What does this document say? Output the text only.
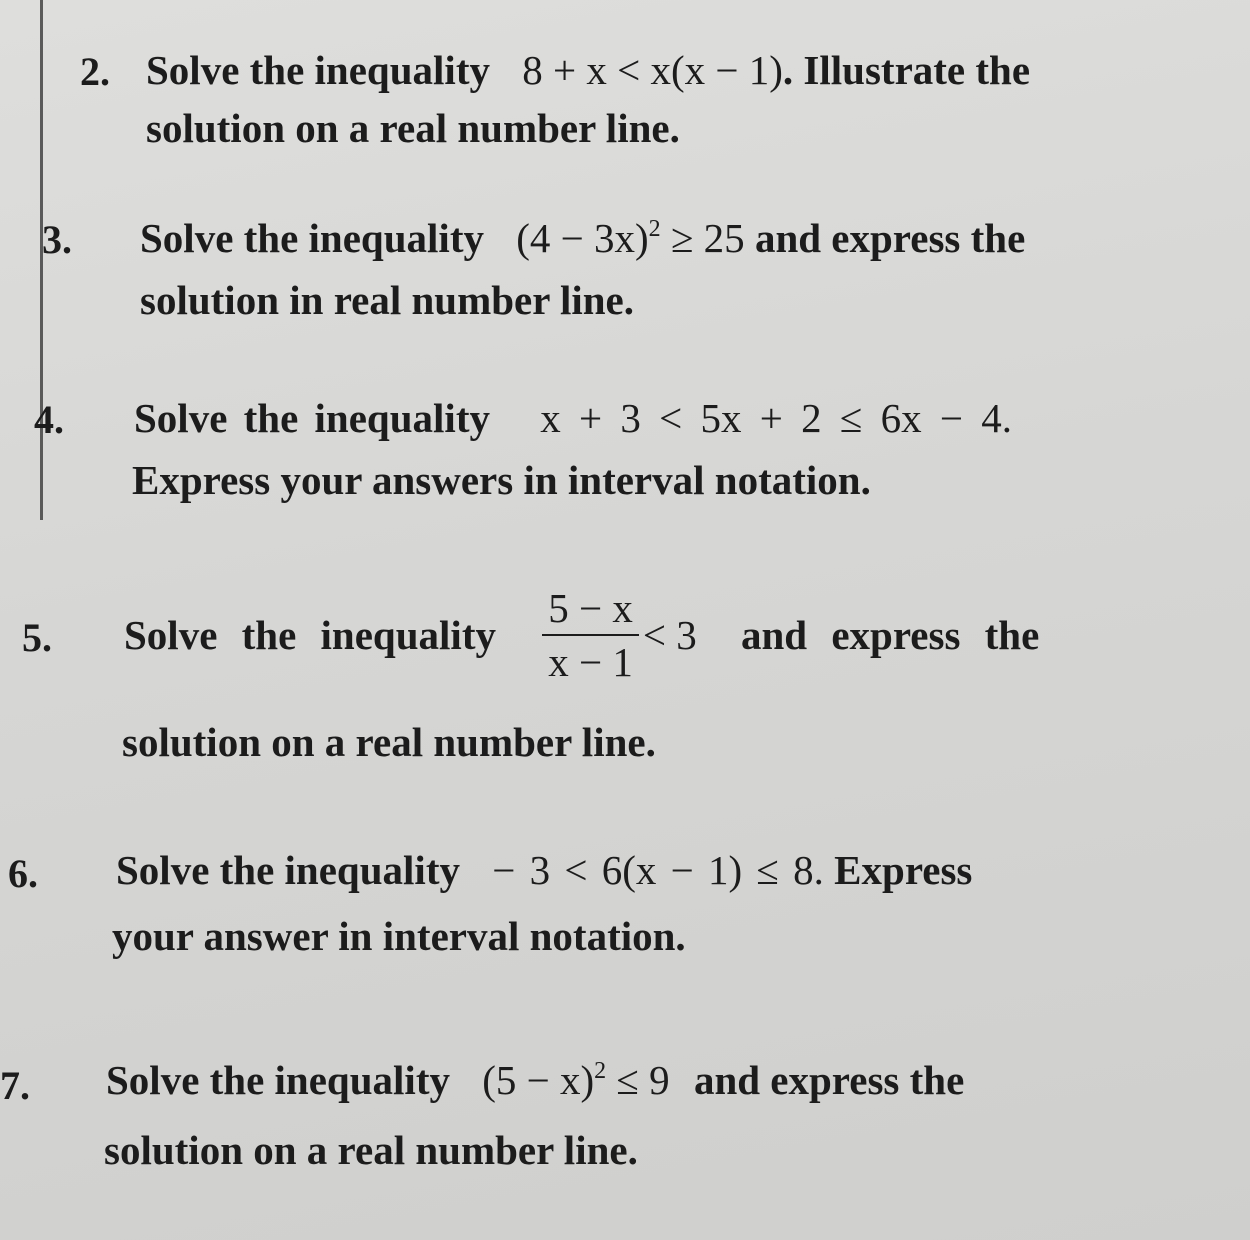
2. Solve the inequality 8 + x < x(x − 1). Illustrate the
solution on a real number line.
3. Solve the inequality $(4 - 3x)^2 \ge 25$ and express the
solution in real number line.
4. Solve the inequality x + 3 < 5x + 2 ≤ 6x − 4.
Express your answers in interval notation.
5. Solve the inequality $\frac{5 - x}{x - 1} < 3$ and express the
solution on a real number line.
6. Solve the inequality − 3 < 6(x − 1) ≤ 8. Express
your answer in interval notation.
7. Solve the inequality $(5 - x)^2 \le 9$ and express the
solution on a real number line.
